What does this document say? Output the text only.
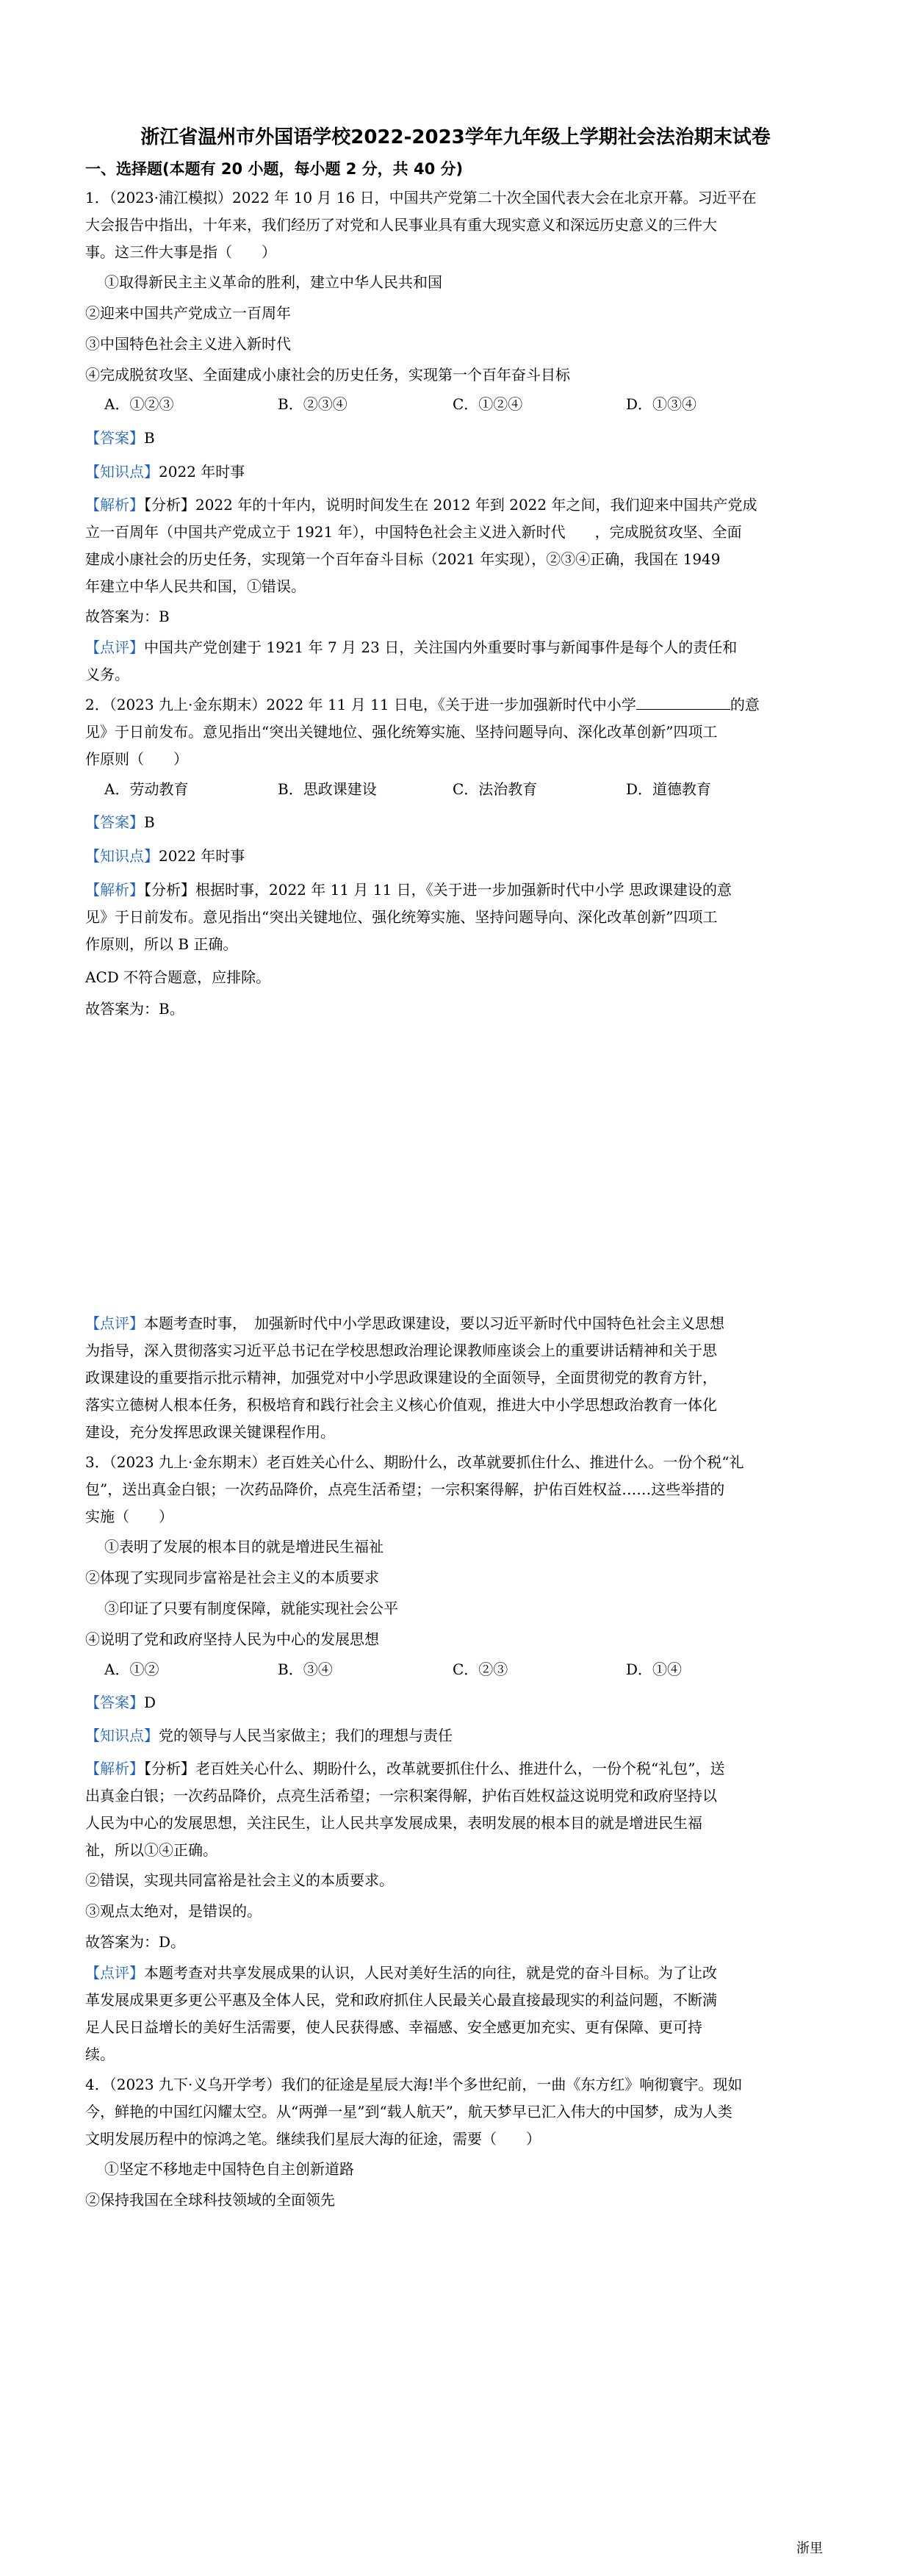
浙江省温州市外国语学校2022-2023学年九年级上学期社会法治期末试卷
一、选择题(本题有 20 小题，每小题 2 分，共 40 分)
1．（2023·浦江模拟）2022 年 10 月 16 日，中国共产党第二十次全国代表大会在北京开幕。习近平在
大会报告中指出，十年来，我们经历了对党和人民事业具有重大现实意义和深远历史意义的三件大
事。这三件大事是指（　　）
①取得新民主主义革命的胜利，建立中华人民共和国
②迎来中国共产党成立一百周年
③中国特色社会主义进入新时代
④完成脱贫攻坚、全面建成小康社会的历史任务，实现第一个百年奋斗目标
A．①②③	B．②③④	C．①②④	D．①③④
【答案】B
【知识点】2022 年时事
【解析】【分析】2022 年的十年内，说明时间发生在 2012 年到 2022 年之间，我们迎来中国共产党成
立一百周年（中国共产党成立于 1921 年），中国特色社会主义进入新时代　　，完成脱贫攻坚、全面
建成小康社会的历史任务，实现第一个百年奋斗目标（2021 年实现），②③④正确，我国在 1949
年建立中华人民共和国，①错误。
故答案为：B
【点评】中国共产党创建于 1921 年 7 月 23 日，关注国内外重要时事与新闻事件是每个人的责任和
义务。
2．（2023 九上·金东期末）2022 年 11 月 11 日电，《关于进一步加强新时代中小学	的意
见》于日前发布。意见指出“突出关键地位、强化统筹实施、坚持问题导向、深化改革创新”四项工
作原则（　　）
A．劳动教育	B．思政课建设	C．法治教育	D．道德教育
【答案】B
【知识点】2022 年时事
【解析】【分析】根据时事，2022 年 11 月 11 日，《关于进一步加强新时代中小学 思政课建设的意
见》于日前发布。意见指出“突出关键地位、强化统筹实施、坚持问题导向、深化改革创新”四项工
作原则，所以 B 正确。
ACD 不符合题意，应排除。
故答案为：B。
【点评】本题考查时事，　加强新时代中小学思政课建设，要以习近平新时代中国特色社会主义思想
为指导，深入贯彻落实习近平总书记在学校思想政治理论课教师座谈会上的重要讲话精神和关于思
政课建设的重要指示批示精神，加强党对中小学思政课建设的全面领导，全面贯彻党的教育方针，
落实立德树人根本任务，积极培育和践行社会主义核心价值观，推进大中小学思想政治教育一体化
建设，充分发挥思政课关键课程作用。
3．（2023 九上·金东期末）老百姓关心什么、期盼什么，改革就要抓住什么、推进什么。一份个税“礼
包”，送出真金白银；一次药品降价，点亮生活希望；一宗积案得解，护佑百姓权益……这些举措的
实施（　　）
①表明了发展的根本目的就是增进民生福祉
②体现了实现同步富裕是社会主义的本质要求
③印证了只要有制度保障，就能实现社会公平
④说明了党和政府坚持人民为中心的发展思想
A．①②	B．③④	C．②③	D．①④
【答案】D
【知识点】党的领导与人民当家做主；我们的理想与责任
【解析】【分析】老百姓关心什么、期盼什么，改革就要抓住什么、推进什么，一份个税“礼包”，送
出真金白银；一次药品降价，点亮生活希望；一宗积案得解，护佑百姓权益这说明党和政府坚持以
人民为中心的发展思想，关注民生，让人民共享发展成果，表明发展的根本目的就是增进民生福
祉，所以①④正确。
②错误，实现共同富裕是社会主义的本质要求。
③观点太绝对，是错误的。
故答案为：D。
【点评】本题考查对共享发展成果的认识，人民对美好生活的向往，就是党的奋斗目标。为了让改
革发展成果更多更公平惠及全体人民，党和政府抓住人民最关心最直接最现实的利益问题，不断满
足人民日益增长的美好生活需要，使人民获得感、幸福感、安全感更加充实、更有保障、更可持
续。
4．（2023 九下·义乌开学考）我们的征途是星辰大海!半个多世纪前，一曲《东方红》响彻寰宇。现如
今，鲜艳的中国红闪耀太空。从“两弹一星”到“载人航天”，航天梦早已汇入伟大的中国梦，成为人类
文明发展历程中的惊鸿之笔。继续我们星辰大海的征途，需要（　　）
①坚定不移地走中国特色自主创新道路
②保持我国在全球科技领域的全面领先
浙里
